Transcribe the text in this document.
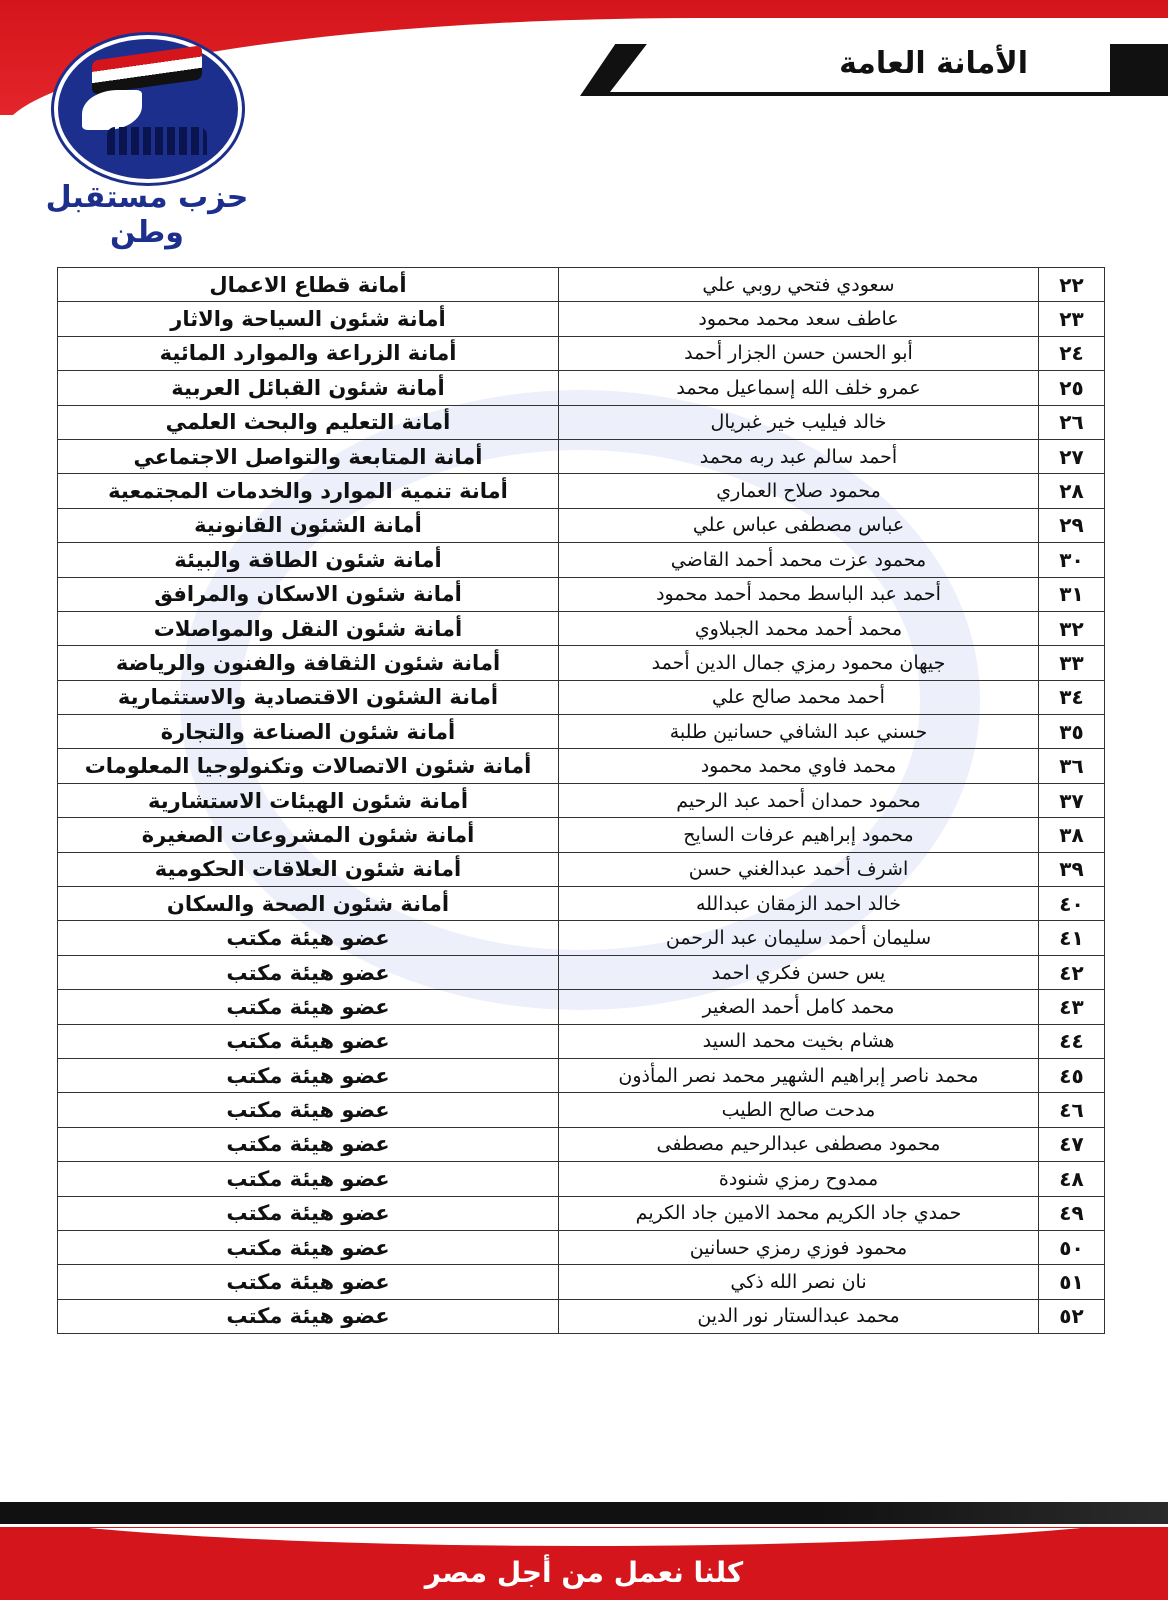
الأمانة العامة
حزب مستقبل وطن
٢٢	سعودي فتحي روبي علي	أمانة قطاع الاعمال
٢٣	عاطف سعد محمد محمود	أمانة شئون السياحة والاثار
٢٤	أبو الحسن حسن الجزار أحمد	أمانة الزراعة والموارد المائية
٢٥	عمرو خلف الله إسماعيل محمد	أمانة شئون القبائل العربية
٢٦	خالد فيليب خير غبريال	أمانة التعليم والبحث العلمي
٢٧	أحمد سالم عبد ربه محمد	أمانة المتابعة والتواصل الاجتماعي
٢٨	محمود صلاح العماري	أمانة تنمية الموارد والخدمات المجتمعية
٢٩	عباس مصطفى عباس علي	أمانة الشئون القانونية
٣٠	محمود عزت محمد أحمد القاضي	أمانة شئون الطاقة والبيئة
٣١	أحمد عبد الباسط محمد أحمد محمود	أمانة شئون الاسكان والمرافق
٣٢	محمد أحمد محمد الجبلاوي	أمانة شئون النقل والمواصلات
٣٣	جيهان محمود رمزي جمال الدين أحمد	أمانة شئون الثقافة والفنون والرياضة
٣٤	أحمد محمد صالح علي	أمانة الشئون الاقتصادية والاستثمارية
٣٥	حسني عبد الشافي حسانين طلبة	أمانة شئون الصناعة والتجارة
٣٦	محمد فاوي محمد محمود	أمانة شئون الاتصالات وتكنولوجيا المعلومات
٣٧	محمود حمدان أحمد عبد الرحيم	أمانة شئون الهيئات الاستشارية
٣٨	محمود إبراهيم عرفات السايح	أمانة شئون المشروعات الصغيرة
٣٩	اشرف أحمد عبدالغني حسن	أمانة شئون العلاقات الحكومية
٤٠	خالد احمد الزمقان عبدالله	أمانة شئون الصحة والسكان
٤١	سليمان أحمد سليمان عبد الرحمن	عضو هيئة مكتب
٤٢	يس حسن فكري احمد	عضو هيئة مكتب
٤٣	محمد كامل أحمد الصغير	عضو هيئة مكتب
٤٤	هشام بخيت محمد السيد	عضو هيئة مكتب
٤٥	محمد ناصر إبراهيم الشهير محمد نصر المأذون	عضو هيئة مكتب
٤٦	مدحت صالح الطيب	عضو هيئة مكتب
٤٧	محمود مصطفى عبدالرحيم مصطفى	عضو هيئة مكتب
٤٨	ممدوح رمزي شنودة	عضو هيئة مكتب
٤٩	حمدي جاد الكريم محمد الامين جاد الكريم	عضو هيئة مكتب
٥٠	محمود فوزي رمزي حسانين	عضو هيئة مكتب
٥١	نان نصر الله ذكي	عضو هيئة مكتب
٥٢	محمد عبدالستار نور الدين	عضو هيئة مكتب
كلنا نعمل من أجل مصر
